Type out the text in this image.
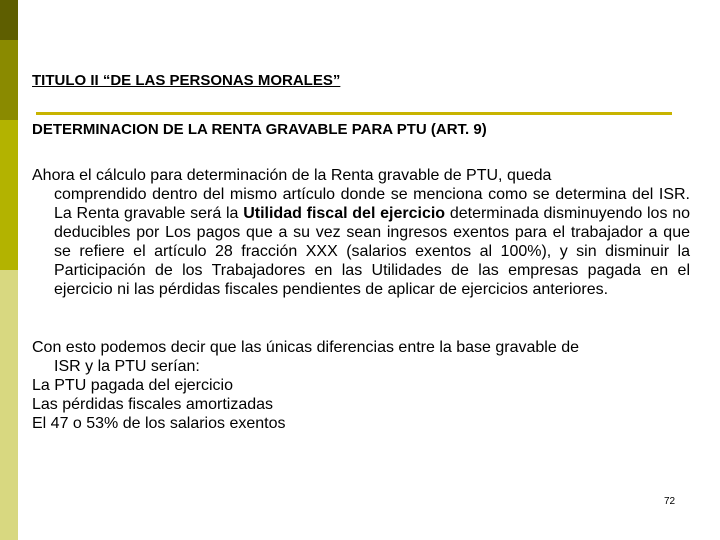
TITULO II “DE LAS PERSONAS MORALES”
DETERMINACION DE LA RENTA GRAVABLE PARA PTU (ART. 9)
Ahora el cálculo para determinación de la Renta gravable de PTU, queda
comprendido dentro del mismo artículo donde se menciona como se determina del ISR. La Renta gravable será la Utilidad fiscal del ejercicio determinada disminuyendo los no deducibles por Los pagos que a su vez sean ingresos exentos para el trabajador a que se refiere el artículo 28 fracción XXX (salarios exentos al 100%), y sin disminuir la Participación de los Trabajadores en las Utilidades de las empresas pagada en el ejercicio ni las pérdidas fiscales pendientes de aplicar de ejercicios anteriores.
Con esto podemos decir que las únicas diferencias entre la base gravable de
ISR y la PTU serían:
La PTU pagada del ejercicio
Las pérdidas fiscales amortizadas
El 47 o 53% de los salarios exentos
72
